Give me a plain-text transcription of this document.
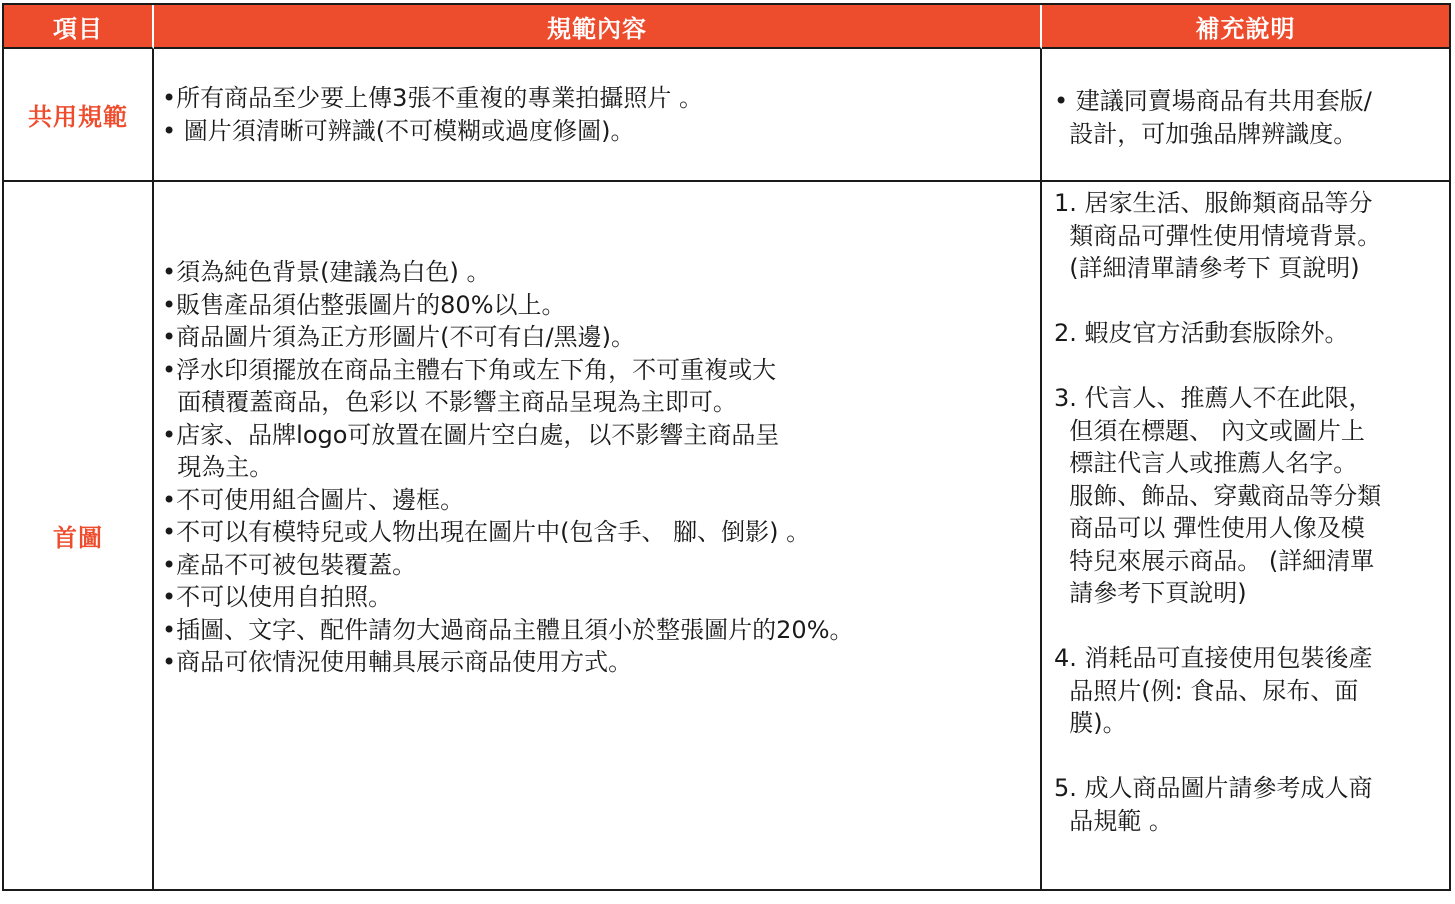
項目	規範內容	補充說明
共用規範
•所有商品至少要上傳3張不重複的專業拍攝照片 。
• 圖片須清晰可辨識(不可模糊或過度修圖)。
• 建議同賣場商品有共用套版/
設計，可加強品牌辨識度。
首圖
•須為純色背景(建議為白色) 。
•販售產品須佔整張圖片的80%以上。
•商品圖片須為正方形圖片(不可有白/黑邊)。
•浮水印須擺放在商品主體右下角或左下角，不可重複或大
面積覆蓋商品，色彩以 不影響主商品呈現為主即可。
•店家、品牌logo可放置在圖片空白處，以不影響主商品呈
現為主。
•不可使用組合圖片、邊框。
•不可以有模特兒或人物出現在圖片中(包含手、 腳、倒影) 。
•產品不可被包裝覆蓋。
•不可以使用自拍照。
•插圖、文字、配件請勿大過商品主體且須小於整張圖片的20%。
•商品可依情況使用輔具展示商品使用方式。
1. 居家生活、服飾類商品等分
類商品可彈性使用情境背景。
(詳細清單請參考下 頁說明)
2. 蝦皮官方活動套版除外。
3. 代言人、推薦人不在此限，
但須在標題、 內文或圖片上
標註代言人或推薦人名字。
服飾、飾品、穿戴商品等分類
商品可以 彈性使用人像及模
特兒來展示商品。 (詳細清單
請參考下頁說明)
4. 消耗品可直接使用包裝後產
品照片(例: 食品、尿布、面
膜)。
5. 成人商品圖片請參考成人商
品規範 。
